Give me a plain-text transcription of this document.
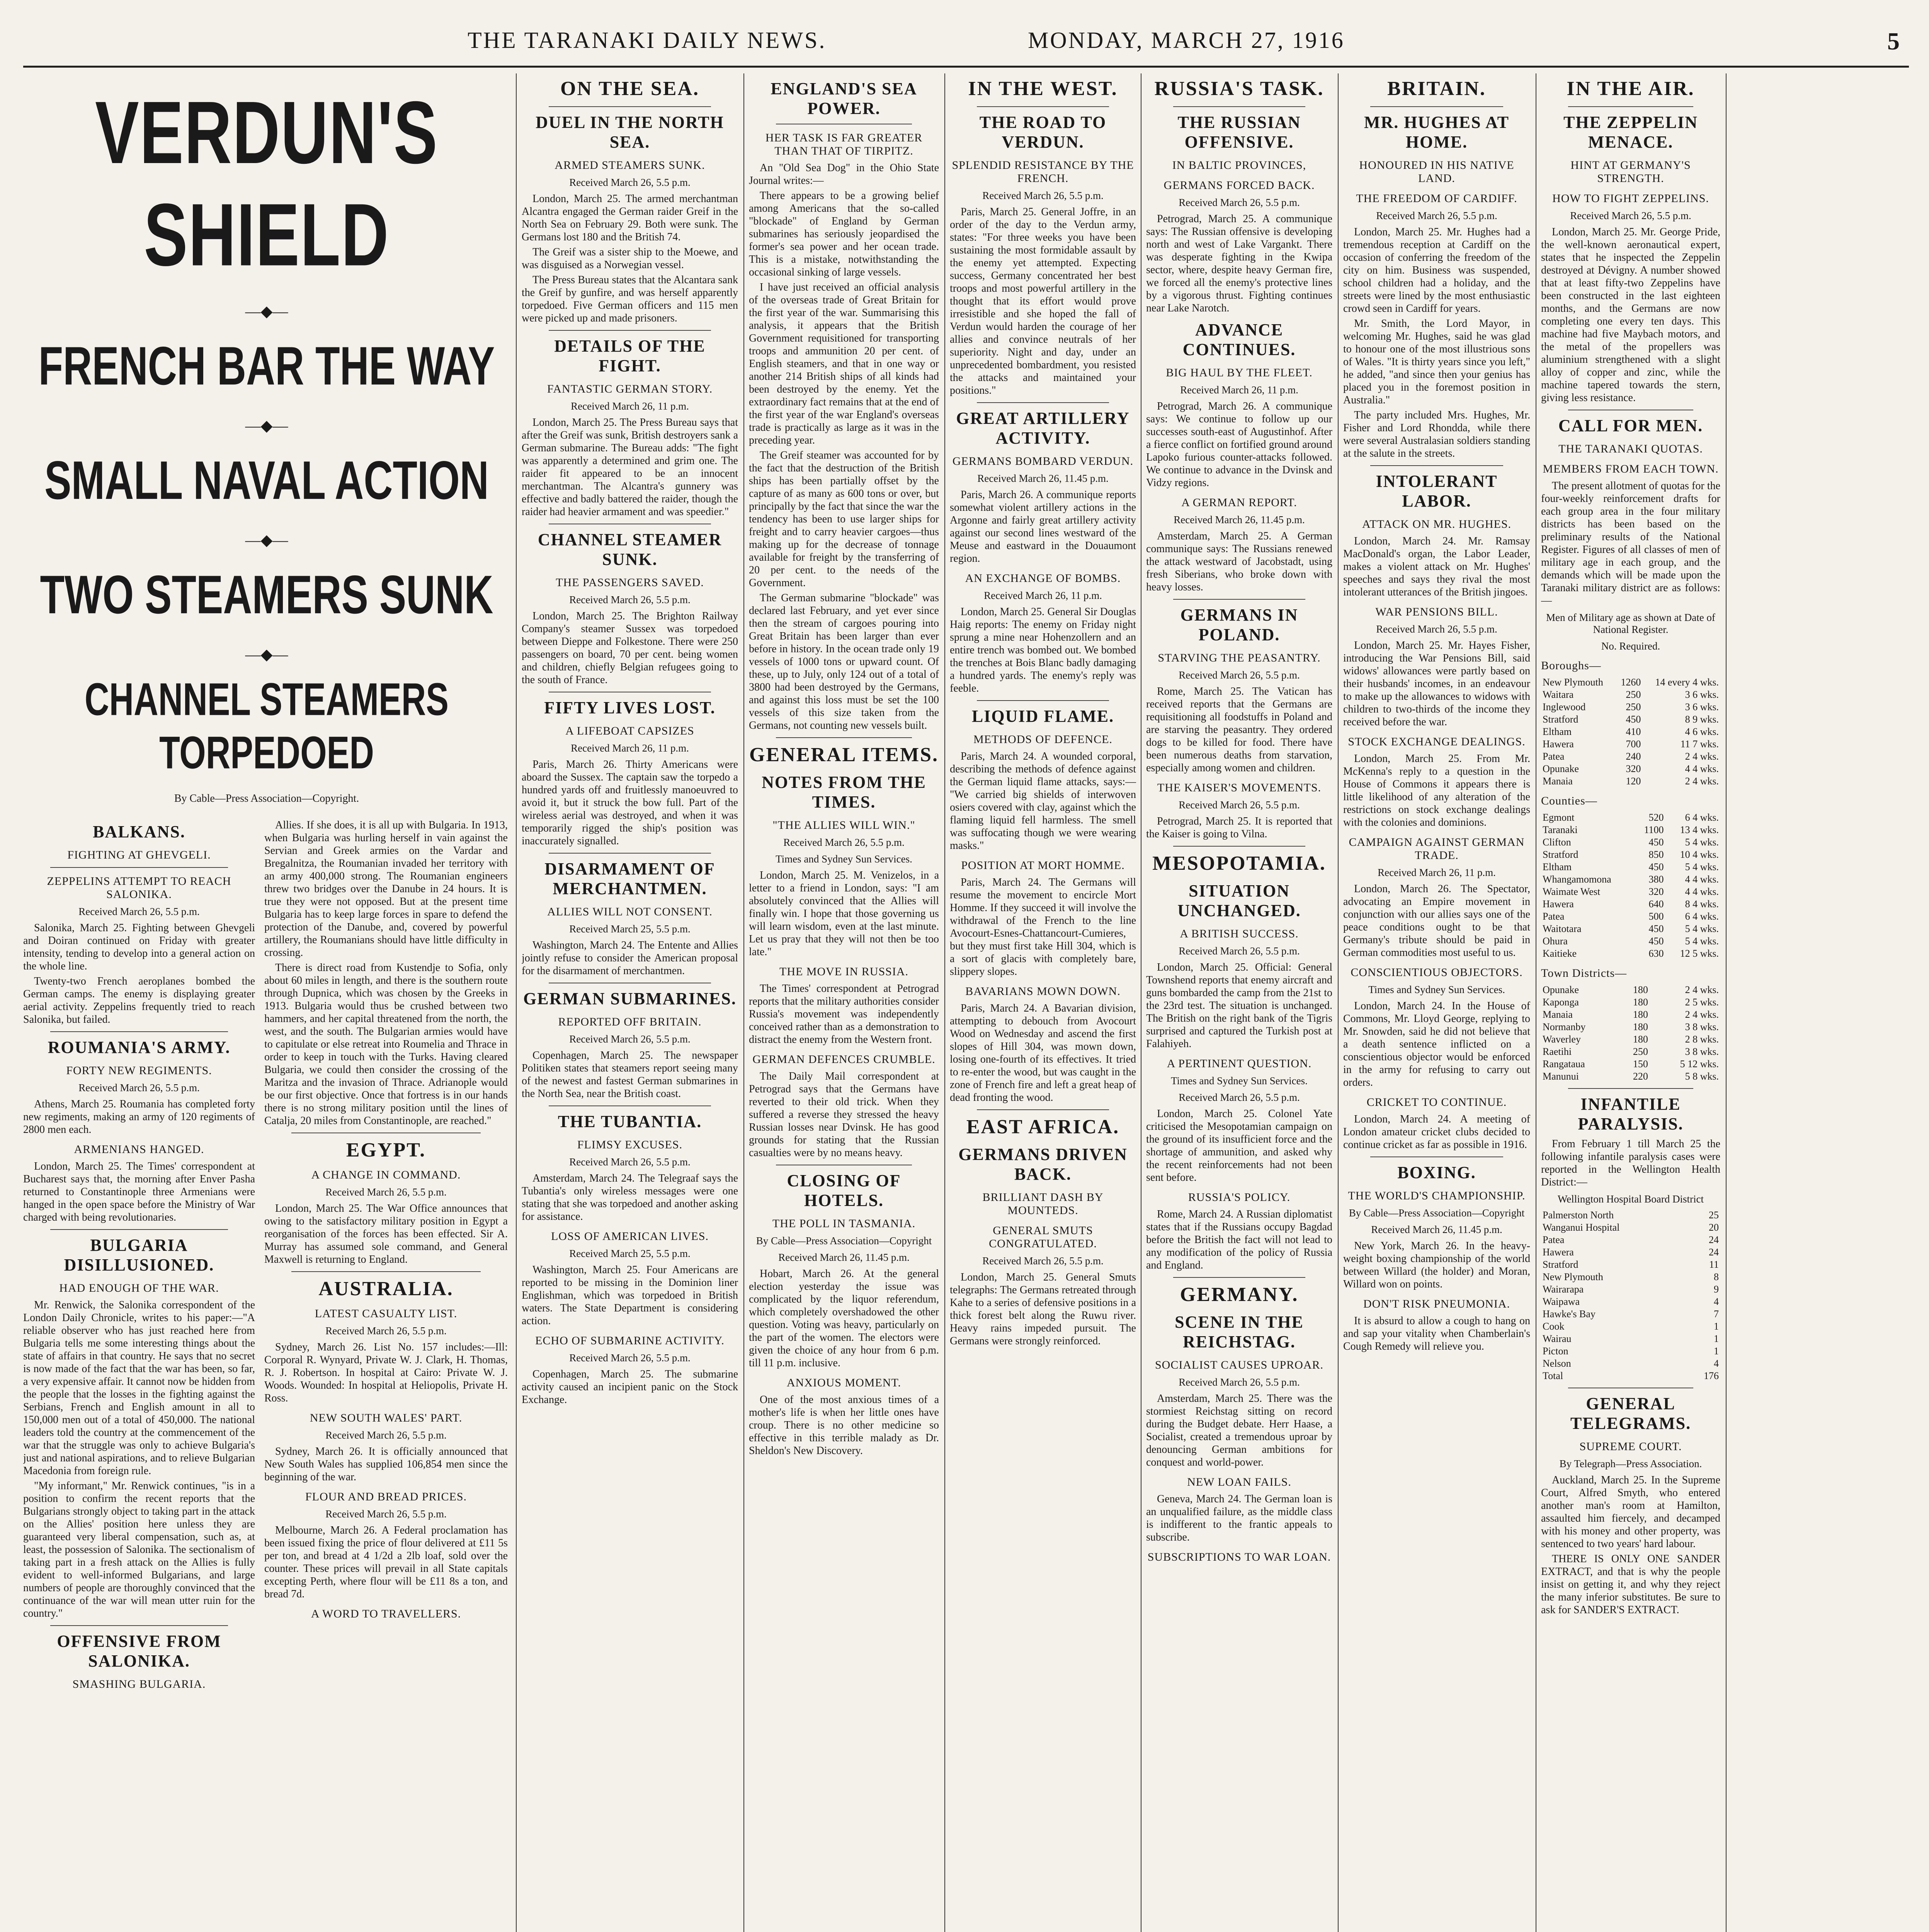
THE TARANAKI DAILY NEWS.	MONDAY, MARCH 27, 1916	5
VERDUN'S SHIELD
—◆—
FRENCH BAR THE WAY
—◆—
SMALL NAVAL ACTION
—◆—
TWO STEAMERS SUNK
—◆—
CHANNEL STEAMERS TORPEDOED
By Cable—Press Association—Copyright.
BALKANS.
FIGHTING AT GHEVGELI.
ZEPPELINS ATTEMPT TO REACH SALONIKA.
Received March 26, 5.5 p.m.
Salonika, March 25. Fighting between Ghevgeli and Doiran continued on Friday with greater intensity, tending to develop into a general action on the whole line.
Twenty-two French aeroplanes bombed the German camps. The enemy is displaying greater aerial activity. Zeppelins frequently tried to reach Salonika, but failed.
ROUMANIA'S ARMY.
FORTY NEW REGIMENTS.
Received March 26, 5.5 p.m.
Athens, March 25. Roumania has completed forty new regiments, making an army of 120 regiments of 2800 men each.
ARMENIANS HANGED.
London, March 25. The Times' correspondent at Bucharest says that, the morning after Enver Pasha returned to Constantinople three Armenians were hanged in the open space before the Ministry of War charged with being revolutionaries.
BULGARIA DISILLUSIONED.
HAD ENOUGH OF THE WAR.
Mr. Renwick, the Salonika correspondent of the London Daily Chronicle, writes to his paper:—"A reliable observer who has just reached here from Bulgaria tells me some interesting things about the state of affairs in that country. He says that no secret is now made of the fact that the war has been, so far, a very expensive affair. It cannot now be hidden from the people that the losses in the fighting against the Serbians, French and English amount in all to 150,000 men out of a total of 450,000. The national leaders told the country at the commencement of the war that the struggle was only to achieve Bulgaria's just and national aspirations, and to relieve Bulgarian Macedonia from foreign rule.
"My informant," Mr. Renwick continues, "is in a position to confirm the recent reports that the Bulgarians strongly object to taking part in the attack on the Allies' position here unless they are guaranteed very liberal compensation, such as, at least, the possession of Salonika. The sectionalism of taking part in a fresh attack on the Allies is fully evident to well-informed Bulgarians, and large numbers of people are thoroughly convinced that the continuance of the war will mean utter ruin for the country."
OFFENSIVE FROM SALONIKA.
SMASHING BULGARIA.
Allies. If she does, it is all up with Bulgaria. In 1913, when Bulgaria was hurling herself in vain against the Servian and Greek armies on the Vardar and Bregalnitza, the Roumanian invaded her territory with an army 400,000 strong. The Roumanian engineers threw two bridges over the Danube in 24 hours. It is true they were not opposed. But at the present time Bulgaria has to keep large forces in spare to defend the protection of the Danube, and, covered by powerful artillery, the Roumanians should have little difficulty in crossing.
There is direct road from Kustendje to Sofia, only about 60 miles in length, and there is the southern route through Dupnica, which was chosen by the Greeks in 1913. Bulgaria would thus be crushed between two hammers, and her capital threatened from the north, the west, and the south. The Bulgarian armies would have to capitulate or else retreat into Roumelia and Thrace in order to keep in touch with the Turks. Having cleared Bulgaria, we could then consider the crossing of the Maritza and the invasion of Thrace. Adrianople would be our first objective. Once that fortress is in our hands there is no strong military position until the lines of Catalja, 20 miles from Constantinople, are reached."
EGYPT.
A CHANGE IN COMMAND.
Received March 26, 5.5 p.m.
London, March 25. The War Office announces that owing to the satisfactory military position in Egypt a reorganisation of the forces has been effected. Sir A. Murray has assumed sole command, and General Maxwell is returning to England.
AUSTRALIA.
LATEST CASUALTY LIST.
Received March 26, 5.5 p.m.
Sydney, March 26. List No. 157 includes:—Ill: Corporal R. Wynyard, Private W. J. Clark, H. Thomas, R. J. Robertson. In hospital at Cairo: Private W. J. Woods. Wounded: In hospital at Heliopolis, Private H. Ross.
NEW SOUTH WALES' PART.
Received March 26, 5.5 p.m.
Sydney, March 26. It is officially announced that New South Wales has supplied 106,854 men since the beginning of the war.
FLOUR AND BREAD PRICES.
Received March 26, 5.5 p.m.
Melbourne, March 26. A Federal proclamation has been issued fixing the price of flour delivered at £11 5s per ton, and bread at 4 1/2d a 2lb loaf, sold over the counter. These prices will prevail in all State capitals excepting Perth, where flour will be £11 8s a ton, and bread 7d.
A WORD TO TRAVELLERS.
ON THE SEA.
DUEL IN THE NORTH SEA.
ARMED STEAMERS SUNK.
Received March 26, 5.5 p.m.
London, March 25. The armed merchantman Alcantra engaged the German raider Greif in the North Sea on February 29. Both were sunk. The Germans lost 180 and the British 74.
The Greif was a sister ship to the Moewe, and was disguised as a Norwegian vessel.
The Press Bureau states that the Alcantara sank the Greif by gunfire, and was herself apparently torpedoed. Five German officers and 115 men were picked up and made prisoners.
DETAILS OF THE FIGHT.
FANTASTIC GERMAN STORY.
Received March 26, 11 p.m.
London, March 25. The Press Bureau says that after the Greif was sunk, British destroyers sank a German submarine. The Bureau adds: "The fight was apparently a determined and grim one. The raider fit appeared to be an innocent merchantman. The Alcantra's gunnery was effective and badly battered the raider, though the raider had heavier armament and was speedier."
CHANNEL STEAMER SUNK.
THE PASSENGERS SAVED.
Received March 26, 5.5 p.m.
London, March 25. The Brighton Railway Company's steamer Sussex was torpedoed between Dieppe and Folkestone. There were 250 passengers on board, 70 per cent. being women and children, chiefly Belgian refugees going to the south of France.
FIFTY LIVES LOST.
A LIFEBOAT CAPSIZES
Received March 26, 11 p.m.
Paris, March 26. Thirty Americans were aboard the Sussex. The captain saw the torpedo a hundred yards off and fruitlessly manoeuvred to avoid it, but it struck the bow full. Part of the wireless aerial was destroyed, and when it was temporarily rigged the ship's position was inaccurately signalled.
DISARMAMENT OF MERCHANTMEN.
ALLIES WILL NOT CONSENT.
Received March 25, 5.5 p.m.
Washington, March 24. The Entente and Allies jointly refuse to consider the American proposal for the disarmament of merchantmen.
GERMAN SUBMARINES.
REPORTED OFF BRITAIN.
Received March 26, 5.5 p.m.
Copenhagen, March 25. The newspaper Politiken states that steamers report seeing many of the newest and fastest German submarines in the North Sea, near the British coast.
THE TUBANTIA.
FLIMSY EXCUSES.
Received March 26, 5.5 p.m.
Amsterdam, March 24. The Telegraaf says the Tubantia's only wireless messages were one stating that she was torpedoed and another asking for assistance.
LOSS OF AMERICAN LIVES.
Received March 25, 5.5 p.m.
Washington, March 25. Four Americans are reported to be missing in the Dominion liner Englishman, which was torpedoed in British waters. The State Department is considering action.
ECHO OF SUBMARINE ACTIVITY.
Received March 26, 5.5 p.m.
Copenhagen, March 25. The submarine activity caused an incipient panic on the Stock Exchange.
ENGLAND'S SEA POWER.
HER TASK IS FAR GREATER THAN THAT OF TIRPITZ.
An "Old Sea Dog" in the Ohio State Journal writes:—
There appears to be a growing belief among Americans that the so-called "blockade" of England by German submarines has seriously jeopardised the former's sea power and her ocean trade. This is a mistake, notwithstanding the occasional sinking of large vessels.
I have just received an official analysis of the overseas trade of Great Britain for the first year of the war. Summarising this analysis, it appears that the British Government requisitioned for transporting troops and ammunition 20 per cent. of English steamers, and that in one way or another 214 British ships of all kinds had been destroyed by the enemy. Yet the extraordinary fact remains that at the end of the first year of the war England's overseas trade is practically as large as it was in the preceding year.
The Greif steamer was accounted for by the fact that the destruction of the British ships has been partially offset by the capture of as many as 600 tons or over, but principally by the fact that since the war the tendency has been to use larger ships for freight and to carry heavier cargoes—thus making up for the decrease of tonnage available for freight by the transferring of 20 per cent. to the needs of the Government.
The German submarine "blockade" was declared last February, and yet ever since then the stream of cargoes pouring into Great Britain has been larger than ever before in history. In the ocean trade only 19 vessels of 1000 tons or upward count. Of these, up to July, only 124 out of a total of 3800 had been destroyed by the Germans, and against this loss must be set the 100 vessels of this size taken from the Germans, not counting new vessels built.
GENERAL ITEMS.
NOTES FROM THE TIMES.
"THE ALLIES WILL WIN."
Received March 26, 5.5 p.m.
Times and Sydney Sun Services.
London, March 25. M. Venizelos, in a letter to a friend in London, says: "I am absolutely convinced that the Allies will finally win. I hope that those governing us will learn wisdom, even at the last minute. Let us pray that they will not then be too late."
THE MOVE IN RUSSIA.
The Times' correspondent at Petrograd reports that the military authorities consider Russia's movement was independently conceived rather than as a demonstration to distract the enemy from the Western front.
GERMAN DEFENCES CRUMBLE.
The Daily Mail correspondent at Petrograd says that the Germans have reverted to their old trick. When they suffered a reverse they stressed the heavy Russian losses near Dvinsk. He has good grounds for stating that the Russian casualties were by no means heavy.
CLOSING OF HOTELS.
THE POLL IN TASMANIA.
By Cable—Press Association—Copyright
Received March 26, 11.45 p.m.
Hobart, March 26. At the general election yesterday the issue was complicated by the liquor referendum, which completely overshadowed the other question. Voting was heavy, particularly on the part of the women. The electors were given the choice of any hour from 6 p.m. till 11 p.m. inclusive.
ANXIOUS MOMENT.
One of the most anxious times of a mother's life is when her little ones have croup. There is no other medicine so effective in this terrible malady as Dr. Sheldon's New Discovery.
IN THE WEST.
THE ROAD TO VERDUN.
SPLENDID RESISTANCE BY THE FRENCH.
Received March 26, 5.5 p.m.
Paris, March 25. General Joffre, in an order of the day to the Verdun army, states: "For three weeks you have been sustaining the most formidable assault by the enemy yet attempted. Expecting success, Germany concentrated her best troops and most powerful artillery in the thought that its effort would prove irresistible and she hoped the fall of Verdun would harden the courage of her allies and convince neutrals of her superiority. Night and day, under an unprecedented bombardment, you resisted the attacks and maintained your positions."
GREAT ARTILLERY ACTIVITY.
GERMANS BOMBARD VERDUN.
Received March 26, 11.45 p.m.
Paris, March 26. A communique reports somewhat violent artillery actions in the Argonne and fairly great artillery activity against our second lines westward of the Meuse and eastward in the Douaumont region.
AN EXCHANGE OF BOMBS.
Received March 26, 11 p.m.
London, March 25. General Sir Douglas Haig reports: The enemy on Friday night sprung a mine near Hohenzollern and an entire trench was bombed out. We bombed the trenches at Bois Blanc badly damaging a hundred yards. The enemy's reply was feeble.
LIQUID FLAME.
METHODS OF DEFENCE.
Paris, March 24. A wounded corporal, describing the methods of defence against the German liquid flame attacks, says:— "We carried big shields of interwoven osiers covered with clay, against which the flaming liquid fell harmless. The smell was suffocating though we were wearing masks."
POSITION AT MORT HOMME.
Paris, March 24. The Germans will resume the movement to encircle Mort Homme. If they succeed it will involve the withdrawal of the French to the line Avocourt-Esnes-Chattancourt-Cumieres, but they must first take Hill 304, which is a sort of glacis with completely bare, slippery slopes.
BAVARIANS MOWN DOWN.
Paris, March 24. A Bavarian division, attempting to debouch from Avocourt Wood on Wednesday and ascend the first slopes of Hill 304, was mown down, losing one-fourth of its effectives. It tried to re-enter the wood, but was caught in the zone of French fire and left a great heap of dead fronting the wood.
EAST AFRICA.
GERMANS DRIVEN BACK.
BRILLIANT DASH BY MOUNTEDS.
GENERAL SMUTS CONGRATULATED.
Received March 26, 5.5 p.m.
London, March 25. General Smuts telegraphs: The Germans retreated through Kahe to a series of defensive positions in a thick forest belt along the Ruwu river. Heavy rains impeded pursuit. The Germans were strongly reinforced.
RUSSIA'S TASK.
THE RUSSIAN OFFENSIVE.
IN BALTIC PROVINCES,
GERMANS FORCED BACK.
Received March 26, 5.5 p.m.
Petrograd, March 25. A communique says: The Russian offensive is developing north and west of Lake Vargankt. There was desperate fighting in the Kwipa sector, where, despite heavy German fire, we forced all the enemy's protective lines by a vigorous thrust. Fighting continues near Lake Narotch.
ADVANCE CONTINUES.
BIG HAUL BY THE FLEET.
Received March 26, 11 p.m.
Petrograd, March 26. A communique says: We continue to follow up our successes south-east of Augustinhof. After a fierce conflict on fortified ground around Lapoko furious counter-attacks followed. We continue to advance in the Dvinsk and Vidzy regions.
A GERMAN REPORT.
Received March 26, 11.45 p.m.
Amsterdam, March 25. A German communique says: The Russians renewed the attack westward of Jacobstadt, using fresh Siberians, who broke down with heavy losses.
GERMANS IN POLAND.
STARVING THE PEASANTRY.
Received March 26, 5.5 p.m.
Rome, March 25. The Vatican has received reports that the Germans are requisitioning all foodstuffs in Poland and are starving the peasantry. They ordered dogs to be killed for food. There have been numerous deaths from starvation, especially among women and children.
THE KAISER'S MOVEMENTS.
Received March 26, 5.5 p.m.
Petrograd, March 25. It is reported that the Kaiser is going to Vilna.
MESOPOTAMIA.
SITUATION UNCHANGED.
A BRITISH SUCCESS.
Received March 26, 5.5 p.m.
London, March 25. Official: General Townshend reports that enemy aircraft and guns bombarded the camp from the 21st to the 23rd test. The situation is unchanged. The British on the right bank of the Tigris surprised and captured the Turkish post at Falahiyeh.
A PERTINENT QUESTION.
Times and Sydney Sun Services.
Received March 26, 5.5 p.m.
London, March 25. Colonel Yate criticised the Mesopotamian campaign on the ground of its insufficient force and the shortage of ammunition, and asked why the recent reinforcements had not been sent before.
RUSSIA'S POLICY.
Rome, March 24. A Russian diplomatist states that if the Russians occupy Bagdad before the British the fact will not lead to any modification of the policy of Russia and England.
GERMANY.
SCENE IN THE REICHSTAG.
SOCIALIST CAUSES UPROAR.
Received March 26, 5.5 p.m.
Amsterdam, March 25. There was the stormiest Reichstag sitting on record during the Budget debate. Herr Haase, a Socialist, created a tremendous uproar by denouncing German ambitions for conquest and world-power.
NEW LOAN FAILS.
Geneva, March 24. The German loan is an unqualified failure, as the middle class is indifferent to the frantic appeals to subscribe.
SUBSCRIPTIONS TO WAR LOAN.
BRITAIN.
MR. HUGHES AT HOME.
HONOURED IN HIS NATIVE LAND.
THE FREEDOM OF CARDIFF.
Received March 26, 5.5 p.m.
London, March 25. Mr. Hughes had a tremendous reception at Cardiff on the occasion of conferring the freedom of the city on him. Business was suspended, school children had a holiday, and the streets were lined by the most enthusiastic crowd seen in Cardiff for years.
Mr. Smith, the Lord Mayor, in welcoming Mr. Hughes, said he was glad to honour one of the most illustrious sons of Wales. "It is thirty years since you left," he added, "and since then your genius has placed you in the foremost position in Australia."
The party included Mrs. Hughes, Mr. Fisher and Lord Rhondda, while there were several Australasian soldiers standing at the salute in the streets.
INTOLERANT LABOR.
ATTACK ON MR. HUGHES.
London, March 24. Mr. Ramsay MacDonald's organ, the Labor Leader, makes a violent attack on Mr. Hughes' speeches and says they rival the most intolerant utterances of the British jingoes.
WAR PENSIONS BILL.
Received March 26, 5.5 p.m.
London, March 25. Mr. Hayes Fisher, introducing the War Pensions Bill, said widows' allowances were partly based on their husbands' incomes, in an endeavour to make up the allowances to widows with children to two-thirds of the income they received before the war.
STOCK EXCHANGE DEALINGS.
London, March 25. From Mr. McKenna's reply to a question in the House of Commons it appears there is little likelihood of any alteration of the restrictions on stock exchange dealings with the colonies and dominions.
CAMPAIGN AGAINST GERMAN TRADE.
Received March 26, 11 p.m.
London, March 26. The Spectator, advocating an Empire movement in conjunction with our allies says one of the peace conditions ought to be that Germany's tribute should be paid in German commodities most useful to us.
CONSCIENTIOUS OBJECTORS.
Times and Sydney Sun Services.
London, March 24. In the House of Commons, Mr. Lloyd George, replying to Mr. Snowden, said he did not believe that a death sentence inflicted on a conscientious objector would be enforced in the army for refusing to carry out orders.
CRICKET TO CONTINUE.
London, March 24. A meeting of London amateur cricket clubs decided to continue cricket as far as possible in 1916.
BOXING.
THE WORLD'S CHAMPIONSHIP.
By Cable—Press Association—Copyright
Received March 26, 11.45 p.m.
New York, March 26. In the heavy-weight boxing championship of the world between Willard (the holder) and Moran, Willard won on points.
DON'T RISK PNEUMONIA.
It is absurd to allow a cough to hang on and sap your vitality when Chamberlain's Cough Remedy will relieve you.
IN THE AIR.
THE ZEPPELIN MENACE.
HINT AT GERMANY'S STRENGTH.
HOW TO FIGHT ZEPPELINS.
Received March 26, 5.5 p.m.
London, March 25. Mr. George Pride, the well-known aeronautical expert, states that he inspected the Zeppelin destroyed at Dévigny. A number showed that at least fifty-two Zeppelins have been constructed in the last eighteen months, and the Germans are now completing one every ten days. This machine had five Maybach motors, and the metal of the propellers was aluminium strengthened with a slight alloy of copper and zinc, while the machine tapered towards the stern, giving less resistance.
CALL FOR MEN.
THE TARANAKI QUOTAS.
MEMBERS FROM EACH TOWN.
The present allotment of quotas for the four-weekly reinforcement drafts for each group area in the four military districts has been based on the preliminary results of the National Register. Figures of all classes of men of military age in each group, and the demands which will be made upon the Taranaki military district are as follows:—
Men of Military age as shown at Date of National Register.
No. Required.
Boroughs—
New Plymouth	1260	14 every 4 wks.
Waitara	250	3 6 wks.
Inglewood	250	3 6 wks.
Stratford	450	8 9 wks.
Eltham	410	4 6 wks.
Hawera	700	11 7 wks.
Patea	240	2 4 wks.
Opunake	320	4 4 wks.
Manaia	120	2 4 wks.
Counties—
Egmont	520	6 4 wks.
Taranaki	1100	13 4 wks.
Clifton	450	5 4 wks.
Stratford	850	10 4 wks.
Eltham	450	5 4 wks.
Whangamomona	380	4 4 wks.
Waimate West	320	4 4 wks.
Hawera	640	8 4 wks.
Patea	500	6 4 wks.
Waitotara	450	5 4 wks.
Ohura	450	5 4 wks.
Kaitieke	630	12 5 wks.
Town Districts—
Opunake	180	2 4 wks.
Kaponga	180	2 5 wks.
Manaia	180	2 4 wks.
Normanby	180	3 8 wks.
Waverley	180	2 8 wks.
Raetihi	250	3 8 wks.
Rangataua	150	5 12 wks.
Manunui	220	5 8 wks.
INFANTILE PARALYSIS.
From February 1 till March 25 the following infantile paralysis cases were reported in the Wellington Health District:—
Wellington Hospital Board District
Palmerston North	25
Wanganui Hospital	20
Patea	24
Hawera	24
Stratford	11
New Plymouth	8
Wairarapa	9
Waipawa	4
Hawke's Bay	7
Cook	1
Wairau	1
Picton	1
Nelson	4
Total	176
GENERAL TELEGRAMS.
SUPREME COURT.
By Telegraph—Press Association.
Auckland, March 25. In the Supreme Court, Alfred Smyth, who entered another man's room at Hamilton, assaulted him fiercely, and decamped with his money and other property, was sentenced to two years' hard labour.
THERE IS ONLY ONE SANDER EXTRACT, and that is why the people insist on getting it, and why they reject the many inferior substitutes. Be sure to ask for SANDER'S EXTRACT.
